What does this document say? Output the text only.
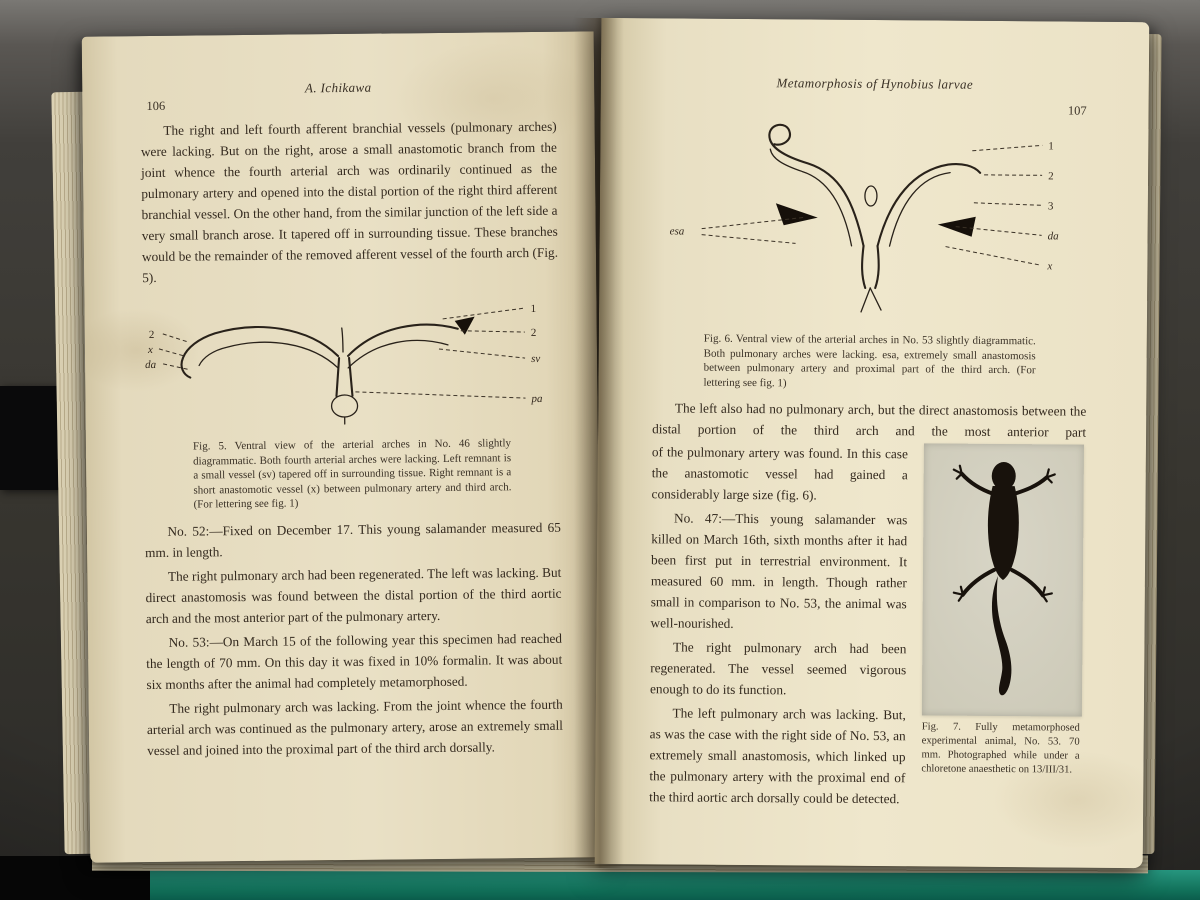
A. Ichikawa
106

The right and left fourth afferent branchial vessels (pulmonary arches) were lacking. But on the right, arose a small anastomotic branch from the joint whence the fourth arterial arch was ordinarily continued as the pulmonary artery and opened into the distal portion of the right third afferent branchial vessel. On the other hand, from the similar junction of the left side a very small branch arose. It tapered off in surrounding tissue. These branches would be the remainder of the removed afferent vessel of the fourth arch (Fig. 5).

1
2
sv
pa
2
x
da
Fig. 5. Ventral view of the arterial arches in No. 46 slightly diagrammatic. Both fourth arterial arches were lacking. Left remnant is a small vessel (sv) tapered off in surrounding tissue. Right remnant is a short anastomotic vessel (x) between pulmonary artery and third arch. (For lettering see fig. 1)

No. 52:—Fixed on December 17. This young salamander measured 65 mm. in length.

The right pulmonary arch had been regenerated. The left was lacking. But direct anastomosis was found between the distal portion of the third aortic arch and the most anterior part of the pulmonary artery.

No. 53:—On March 15 of the following year this specimen had reached the length of 70 mm. On this day it was fixed in 10% formalin. It was about six months after the animal had completely metamorphosed.

The right pulmonary arch was lacking. From the joint whence the fourth arterial arch was continued as the pulmonary artery, arose an extremely small vessel and joined into the proximal part of the third arch dorsally.

Metamorphosis of Hynobius larvae
107
1
2
3
da
x
esa
Fig. 6. Ventral view of the arterial arches in No. 53 slightly diagrammatic. Both pulmonary arches were lacking. esa, extremely small anastomosis between pulmonary artery and proximal part of the third arch. (For lettering see fig. 1)

The left also had no pulmonary arch, but the direct anastomosis between the distal portion of the third arch and the most anterior part

of the pulmonary artery was found. In this case the anastomotic vessel had gained a considerably large size (fig. 6).

No. 47:—This young salamander was killed on March 16th, sixth months after it had been first put in terrestrial environment. It measured 60 mm. in length. Though rather small in comparison to No. 53, the animal was well-nourished.

The right pulmonary arch had been regenerated. The vessel seemed vigorous enough to do its function.

The left pulmonary arch was lacking. But, as was the case with the right side of No. 53, an extremely small anastomosis, which linked up the pulmonary artery with the proximal end of the third aortic arch dorsally could be detected.

Fig. 7. Fully metamorphosed experimental animal, No. 53. 70 mm. Photographed while under a chloretone anaesthetic on 13/III/31.
